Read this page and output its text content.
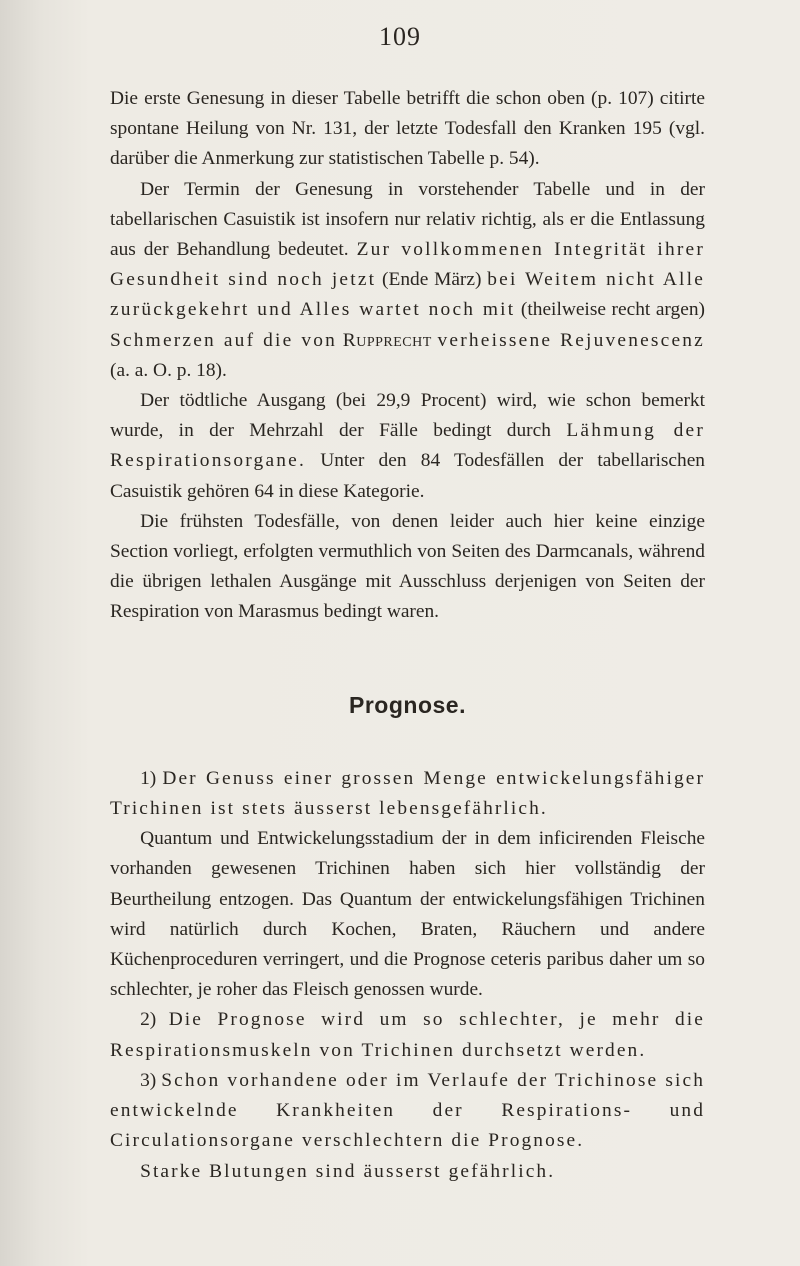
109

Die erste Genesung in dieser Tabelle betrifft die schon oben (p. 107) citirte spontane Heilung von Nr. 131, der letzte Todesfall den Kranken 195 (vgl. darüber die Anmerkung zur statistischen Tabelle p. 54).

Der Termin der Genesung in vorstehender Tabelle und in der tabellarischen Casuistik ist insofern nur relativ richtig, als er die Entlassung aus der Behandlung bedeutet. Zur vollkommenen Integrität ihrer Gesundheit sind noch jetzt (Ende März) bei Weitem nicht Alle zurückgekehrt und Alles wartet noch mit (theilweise recht argen) Schmerzen auf die von Rupprecht verheissene Rejuvenescenz (a. a. O. p. 18).

Der tödtliche Ausgang (bei 29,9 Procent) wird, wie schon bemerkt wurde, in der Mehrzahl der Fälle bedingt durch Lähmung der Respirationsorgane. Unter den 84 Todesfällen der tabellarischen Casuistik gehören 64 in diese Kategorie.

Die frühsten Todesfälle, von denen leider auch hier keine einzige Section vorliegt, erfolgten vermuthlich von Seiten des Darmcanals, während die übrigen lethalen Ausgänge mit Ausschluss derjenigen von Seiten der Respiration von Marasmus bedingt waren.

Prognose.

1) Der Genuss einer grossen Menge entwickelungsfähiger Trichinen ist stets äusserst lebensgefährlich.

Quantum und Entwickelungsstadium der in dem inficirenden Fleische vorhanden gewesenen Trichinen haben sich hier vollständig der Beurtheilung entzogen. Das Quantum der entwickelungsfähigen Trichinen wird natürlich durch Kochen, Braten, Räuchern und andere Küchenproceduren verringert, und die Prognose ceteris paribus daher um so schlechter, je roher das Fleisch genossen wurde.

2) Die Prognose wird um so schlechter, je mehr die Respirationsmuskeln von Trichinen durchsetzt werden.

3) Schon vorhandene oder im Verlaufe der Trichinose sich entwickelnde Krankheiten der Respirations- und Circulationsorgane verschlechtern die Prognose.

Starke Blutungen sind äusserst gefährlich.
